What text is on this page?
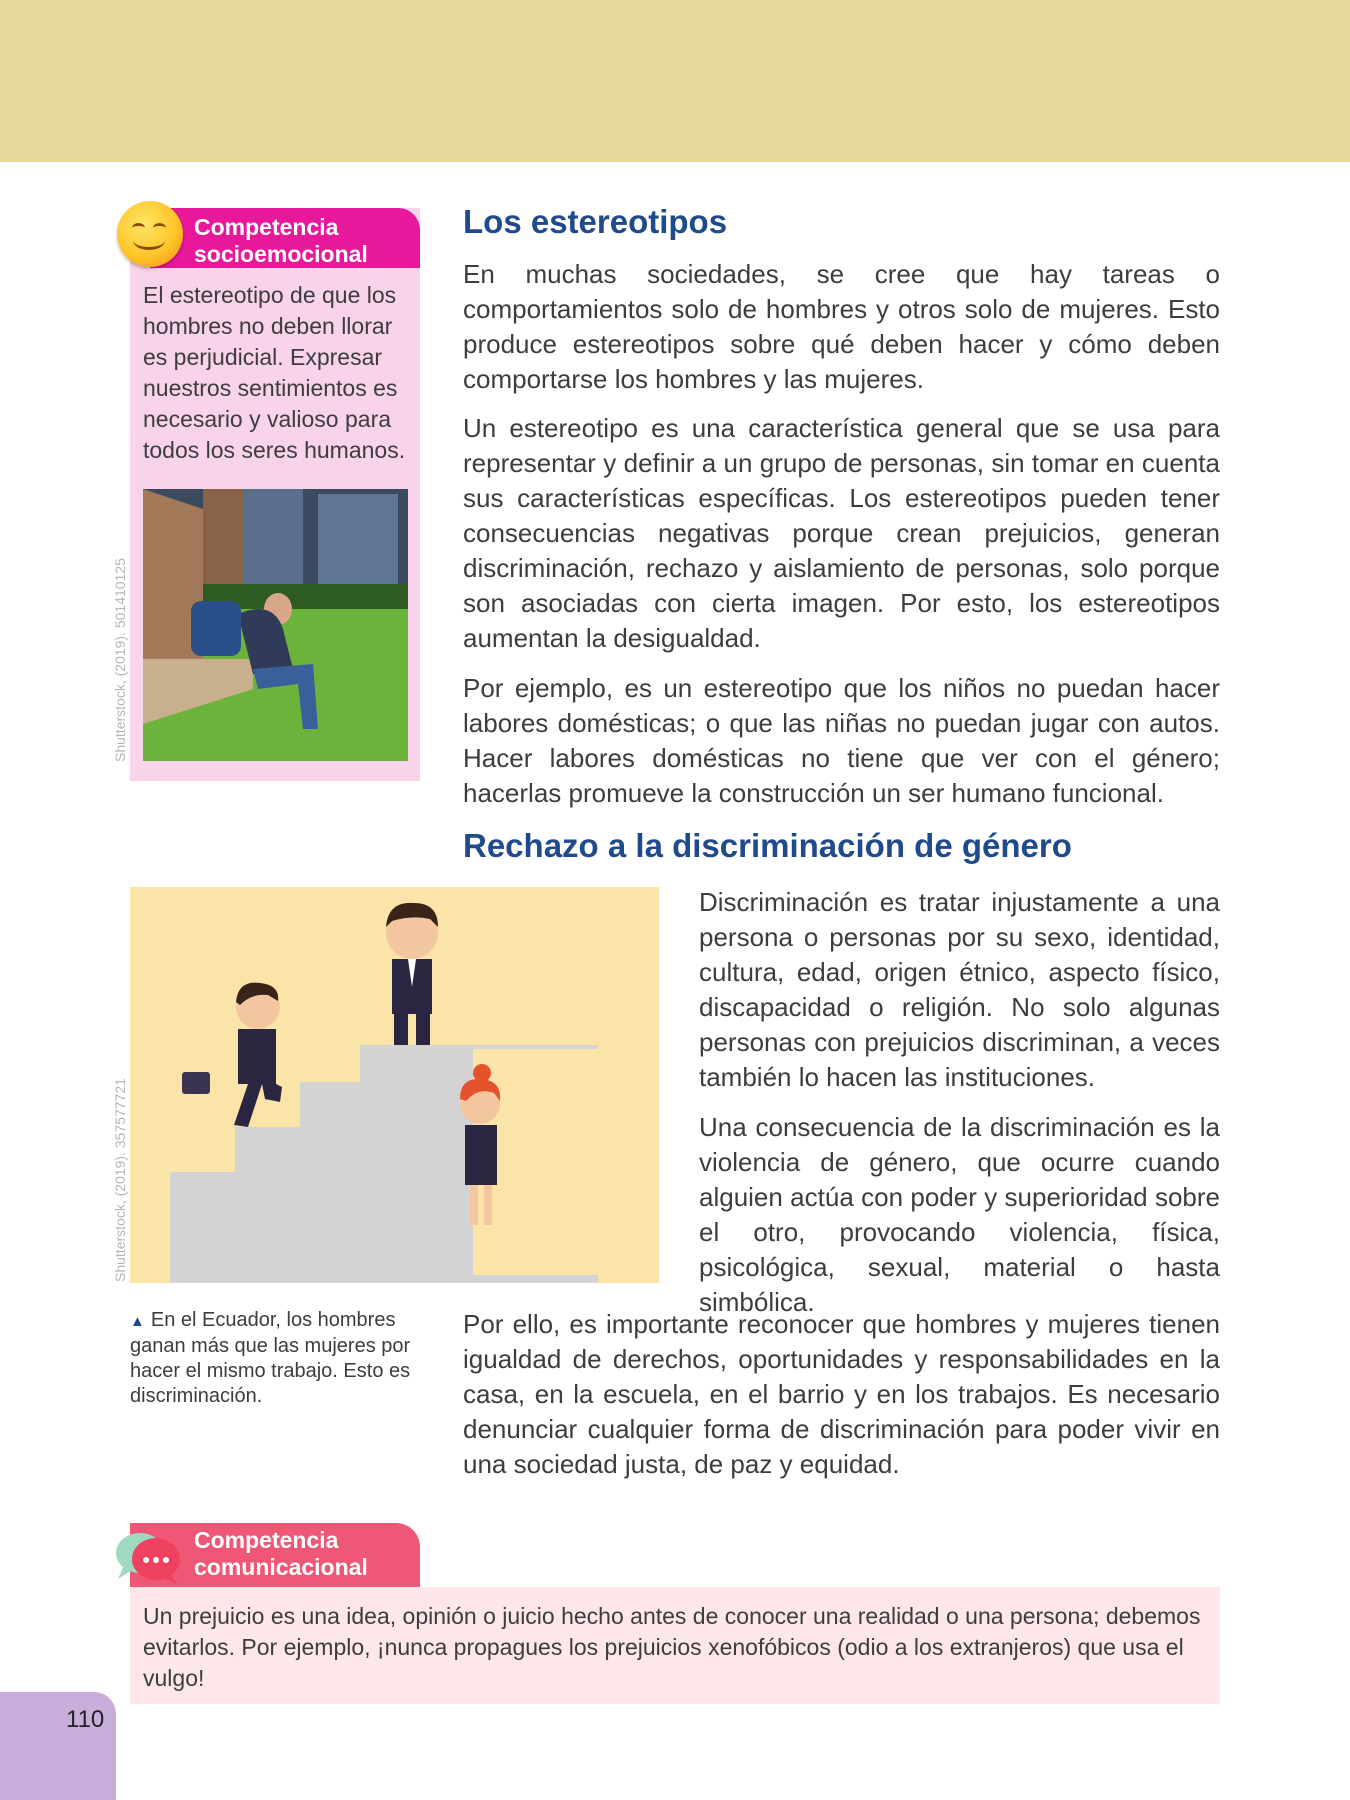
Competencia
socioemocional
El estereotipo de que los hombres no deben llorar es perjudicial. Expresar nuestros sentimientos es necesario y valioso para todos los seres humanos.
Shutterstock, (2019). 501410125
Los estereotipos

En muchas sociedades, se cree que hay tareas o comportamientos solo de hombres y otros solo de mujeres. Esto produce estereotipos sobre qué deben hacer y cómo deben comportarse los hombres y las mujeres.

Un estereotipo es una característica general que se usa para representar y definir a un grupo de personas, sin tomar en cuenta sus características específicas. Los estereotipos pueden tener consecuencias negativas porque crean prejuicios, generan discriminación, rechazo y aislamiento de personas, solo porque son asociadas con cierta imagen. Por esto, los estereotipos aumentan la desigualdad.

Por ejemplo, es un estereotipo que los niños no puedan hacer labores domésticas; o que las niñas no puedan jugar con autos. Hacer labores domésticas no tiene que ver con el género; hacerlas promueve la construcción un ser humano funcional.

Rechazo a la discriminación de género
Shutterstock, (2019). 357577721

Discriminación es tratar injustamente a una persona o personas por su sexo, identidad, cultura, edad, origen étnico, aspecto físico, discapacidad o religión. No solo algunas personas con prejuicios discriminan, a veces también lo hacen las instituciones.

Una consecuencia de la discriminación es la violencia de género, que ocurre cuando alguien actúa con poder y superioridad sobre el otro, provocando violencia, física, psicológica, sexual, material o hasta simbólica.

Por ello, es importante reconocer que hombres y mujeres tienen igualdad de derechos, oportunidades y responsabilidades en la casa, en la escuela, en el barrio y en los trabajos. Es necesario denunciar cualquier forma de discriminación para poder vivir en una sociedad justa, de paz y equidad.

▲ En el Ecuador, los hombres ganan más que las mujeres por hacer el mismo trabajo. Esto es discriminación.
Competencia
comunicacional
Un prejuicio es una idea, opinión o juicio hecho antes de conocer una realidad o una persona; debemos evitarlos. Por ejemplo, ¡nunca propagues los prejuicios xenofóbicos (odio a los extranjeros) que usa el vulgo!
110
